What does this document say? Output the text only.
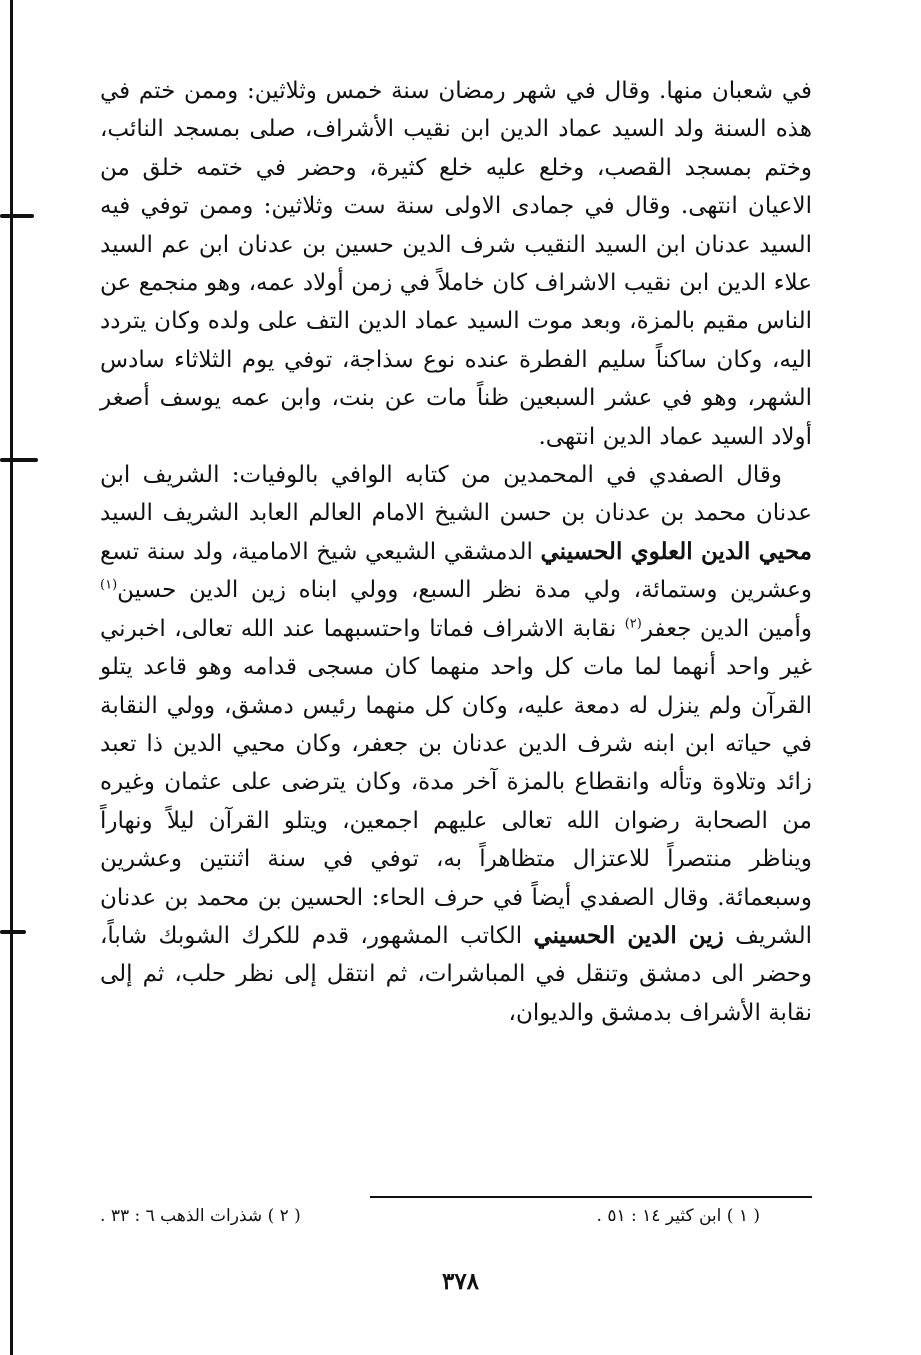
في شعبان منها. وقال في شهر رمضان سنة خمس وثلاثين: وممن ختم في هذه السنة ولد السيد عماد الدين ابن نقيب الأشراف، صلى بمسجد النائب، وختم بمسجد القصب، وخلع عليه خلع كثيرة، وحضر في ختمه خلق من الاعيان انتهى. وقال في جمادى الاولى سنة ست وثلاثين: وممن توفي فيه السيد عدنان ابن السيد النقيب شرف الدين حسين بن عدنان ابن عم السيد علاء الدين ابن نقيب الاشراف كان خاملاً في زمن أولاد عمه، وهو منجمع عن الناس مقيم بالمزة، وبعد موت السيد عماد الدين التف على ولده وكان يتردد اليه، وكان ساكناً سليم الفطرة عنده نوع سذاجة، توفي يوم الثلاثاء سادس الشهر، وهو في عشر السبعين ظناً مات عن بنت، وابن عمه يوسف أصغر أولاد السيد عماد الدين انتهى.

وقال الصفدي في المحمدين من كتابه الوافي بالوفيات: الشريف ابن عدنان محمد بن عدنان بن حسن الشيخ الامام العالم العابد الشريف السيد محيي الدين العلوي الحسيني الدمشقي الشيعي شيخ الامامية، ولد سنة تسع وعشرين وستمائة، ولي مدة نظر السبع، وولي ابناه زين الدين حسين$^{(١)}$ وأمين الدين جعفر$^{(٢)}$ نقابة الاشراف فماتا واحتسبهما عند الله تعالى، اخبرني غير واحد أنهما لما مات كل واحد منهما كان مسجى قدامه وهو قاعد يتلو القرآن ولم ينزل له دمعة عليه، وكان كل منهما رئيس دمشق، وولي النقابة في حياته ابن ابنه شرف الدين عدنان بن جعفر، وكان محيي الدين ذا تعبد زائد وتلاوة وتأله وانقطاع بالمزة آخر مدة، وكان يترضى على عثمان وغيره من الصحابة رضوان الله تعالى عليهم اجمعين، ويتلو القرآن ليلاً ونهاراً ويناظر منتصراً للاعتزال متظاهراً به، توفي في سنة اثنتين وعشرين وسبعمائة. وقال الصفدي أيضاً في حرف الحاء: الحسين بن محمد بن عدنان الشريف زين الدين الحسيني الكاتب المشهور، قدم للكرك الشوبك شاباً، وحضر الى دمشق وتنقل في المباشرات، ثم انتقل إلى نظر حلب، ثم إلى نقابة الأشراف بدمشق والديوان،

( ١ ) ابن كثير ١٤ : ٥١ .
( ٢ ) شذرات الذهب ٦ : ٣٣ .
٣٧٨
